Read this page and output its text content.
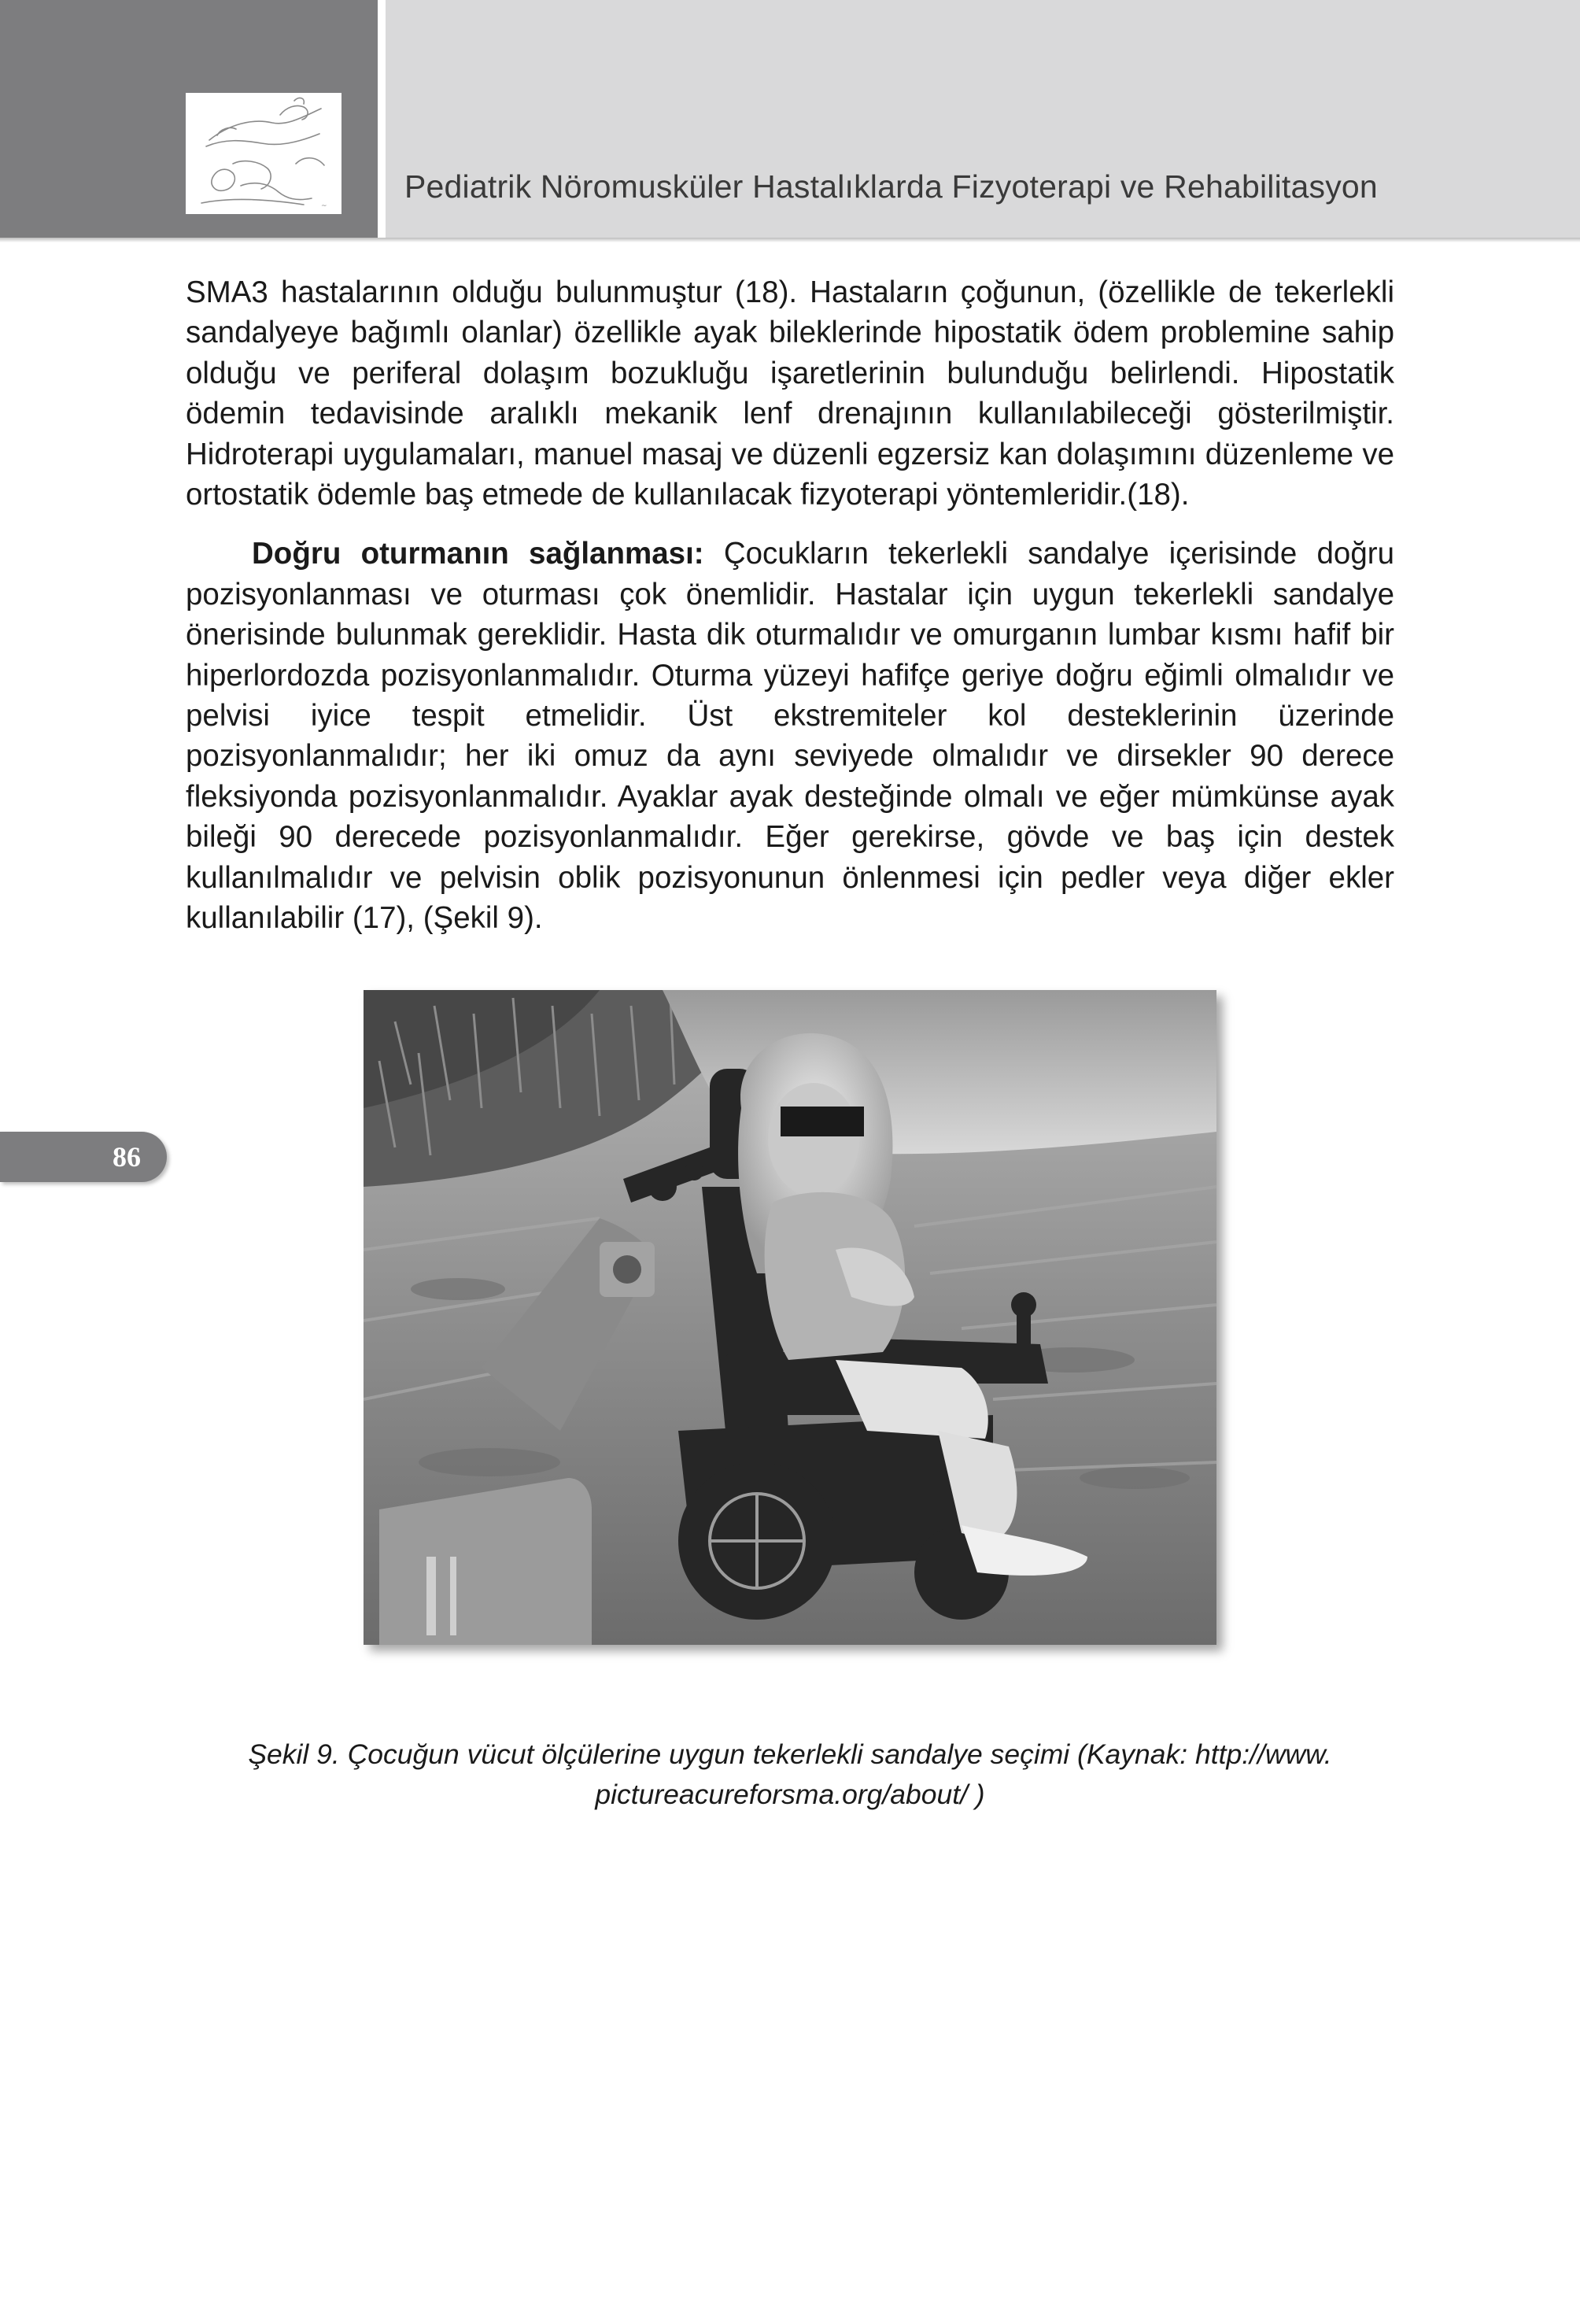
~
Pediatrik Nöromusküler Hastalıklarda Fizyoterapi ve Rehabilitasyon

SMA3 hastalarının olduğu bulunmuştur (18). Hastaların çoğunun, (özellikle de tekerlekli sandalyeye bağımlı olanlar) özellikle ayak bileklerinde hipostatik ödem problemine sahip olduğu ve periferal dolaşım bozukluğu işaretlerinin bulunduğu belirlendi. Hipostatik ödemin tedavisinde aralıklı mekanik lenf drenajının kullanılabileceği gösterilmiştir. Hidroterapi uygulamaları, manuel masaj ve düzenli egzersiz kan dolaşımını düzenleme ve ortostatik ödemle baş etmede de kullanılacak fizyoterapi yöntemleridir.(18).

Doğru oturmanın sağlanması: Çocukların tekerlekli sandalye içerisinde doğru pozisyonlanması ve oturması çok önemlidir. Hastalar için uygun tekerlekli sandalye önerisinde bulunmak gereklidir. Hasta dik oturmalıdır ve omurganın lumbar kısmı hafif bir hiperlordozda pozisyonlanmalıdır. Oturma yüzeyi hafifçe geriye doğru eğimli olmalıdır ve pelvisi iyice tespit etmelidir. Üst ekstremiteler kol desteklerinin üzerinde pozisyonlanmalıdır; her iki omuz da aynı seviyede olmalıdır ve dirsekler 90 derece fleksiyonda pozisyonlanmalıdır. Ayaklar ayak desteğinde olmalı ve eğer mümkünse ayak bileği 90 derecede pozisyonlanmalıdır. Eğer gerekirse, gövde ve baş için destek kullanılmalıdır ve pelvisin oblik pozisyonunun önlenmesi için pedler veya diğer ekler kullanılabilir (17), (Şekil 9).

86
Şekil 9. Çocuğun vücut ölçülerine uygun tekerlekli sandalye seçimi (Kaynak: http://www.
pictureacureforsma.org/about/ )
